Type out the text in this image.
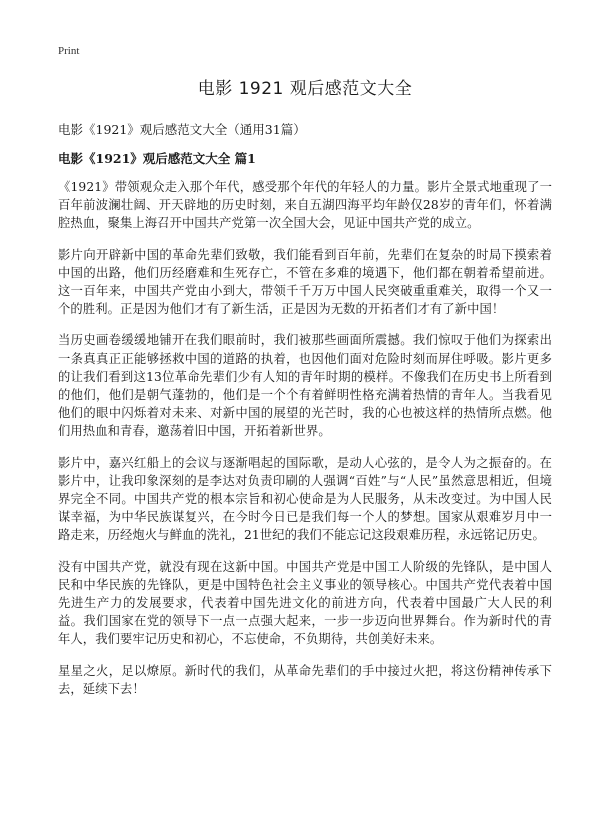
Print
电影 1921 观后感范文大全
电影《1921》观后感范文大全（通用31篇）
电影《1921》观后感范文大全 篇1

《1921》带领观众走入那个年代，感受那个年代的年轻人的力量。影片全景式地重现了一百年前波澜壮阔、开天辟地的历史时刻，来自五湖四海平均年龄仅28岁的青年们，怀着满腔热血，聚集上海召开中国共产党第一次全国大会，见证中国共产党的成立。

影片向开辟新中国的革命先辈们致敬，我们能看到百年前，先辈们在复杂的时局下摸索着中国的出路，他们历经磨难和生死存亡，不管在多难的境遇下，他们都在朝着希望前进。这一百年来，中国共产党由小到大，带领千千万万中国人民突破重重难关，取得一个又一个的胜利。正是因为他们才有了新生活，正是因为无数的开拓者们才有了新中国！

当历史画卷缓缓地铺开在我们眼前时，我们被那些画面所震撼。我们惊叹于他们为探索出一条真真正正能够拯救中国的道路的执着，也因他们面对危险时刻而屏住呼吸。影片更多的让我们看到这13位革命先辈们少有人知的青年时期的模样。不像我们在历史书上所看到的他们，他们是朝气蓬勃的，他们是一个个有着鲜明性格充满着热情的青年人。当我看见他们的眼中闪烁着对未来、对新中国的展望的光芒时，我的心也被这样的热情所点燃。他们用热血和青春，邀荡着旧中国，开拓着新世界。

影片中，嘉兴红船上的会议与逐渐唱起的国际歌，是动人心弦的，是令人为之振奋的。在影片中，让我印象深刻的是李达对负责印刷的人强调“百姓”与“人民”虽然意思相近，但境界完全不同。中国共产党的根本宗旨和初心使命是为人民服务，从未改变过。为中国人民谋幸福，为中华民族谋复兴，在今时今日已是我们每一个人的梦想。国家从艰难岁月中一路走来，历经炮火与鲜血的洗礼，21世纪的我们不能忘记这段艰难历程，永远铭记历史。

没有中国共产党，就没有现在这新中国。中国共产党是中国工人阶级的先锋队，是中国人民和中华民族的先锋队，更是中国特色社会主义事业的领导核心。中国共产党代表着中国先进生产力的发展要求，代表着中国先进文化的前进方向，代表着中国最广大人民的利益。我们国家在党的领导下一点一点强大起来，一步一步迈向世界舞台。作为新时代的青年人，我们要牢记历史和初心，不忘使命，不负期待，共创美好未来。

星星之火，足以燎原。新时代的我们，从革命先辈们的手中接过火把，将这份精神传承下去，延续下去！
